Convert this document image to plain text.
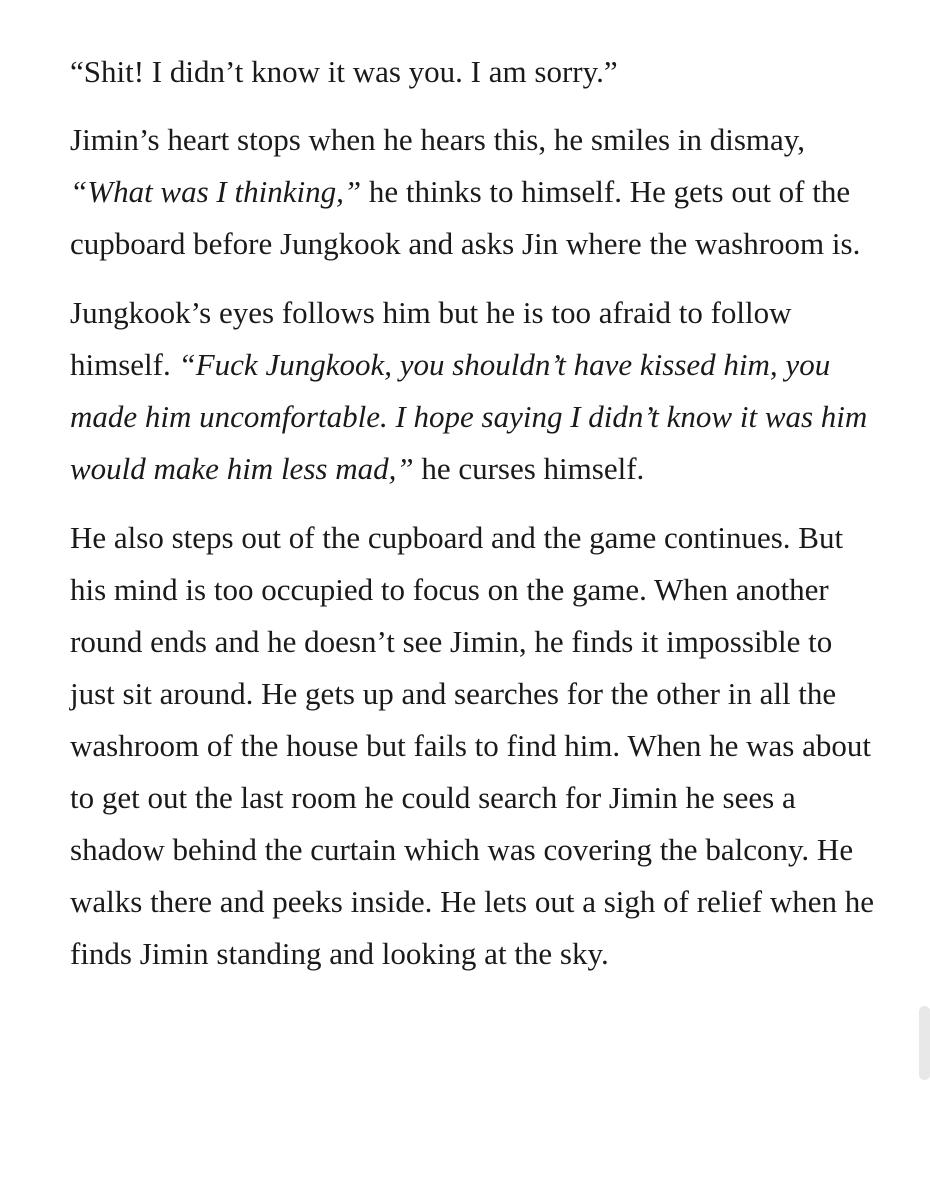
“Shit! I didn’t know it was you. I am sorry.”

Jimin’s heart stops when he hears this, he smiles in dismay, “What was I thinking,” he thinks to himself. He gets out of the cupboard before Jungkook and asks Jin where the washroom is.

Jungkook’s eyes follows him but he is too afraid to follow himself. “Fuck Jungkook, you shouldn’t have kissed him, you made him uncomfortable. I hope saying I didn’t know it was him would make him less mad,” he curses himself.

He also steps out of the cupboard and the game continues. But his mind is too occupied to focus on the game. When another round ends and he doesn’t see Jimin, he finds it impossible to just sit around. He gets up and searches for the other in all the washroom of the house but fails to find him. When he was about to get out the last room he could search for Jimin he sees a shadow behind the curtain which was covering the balcony. He walks there and peeks inside. He lets out a sigh of relief when he finds Jimin standing and looking at the sky.
